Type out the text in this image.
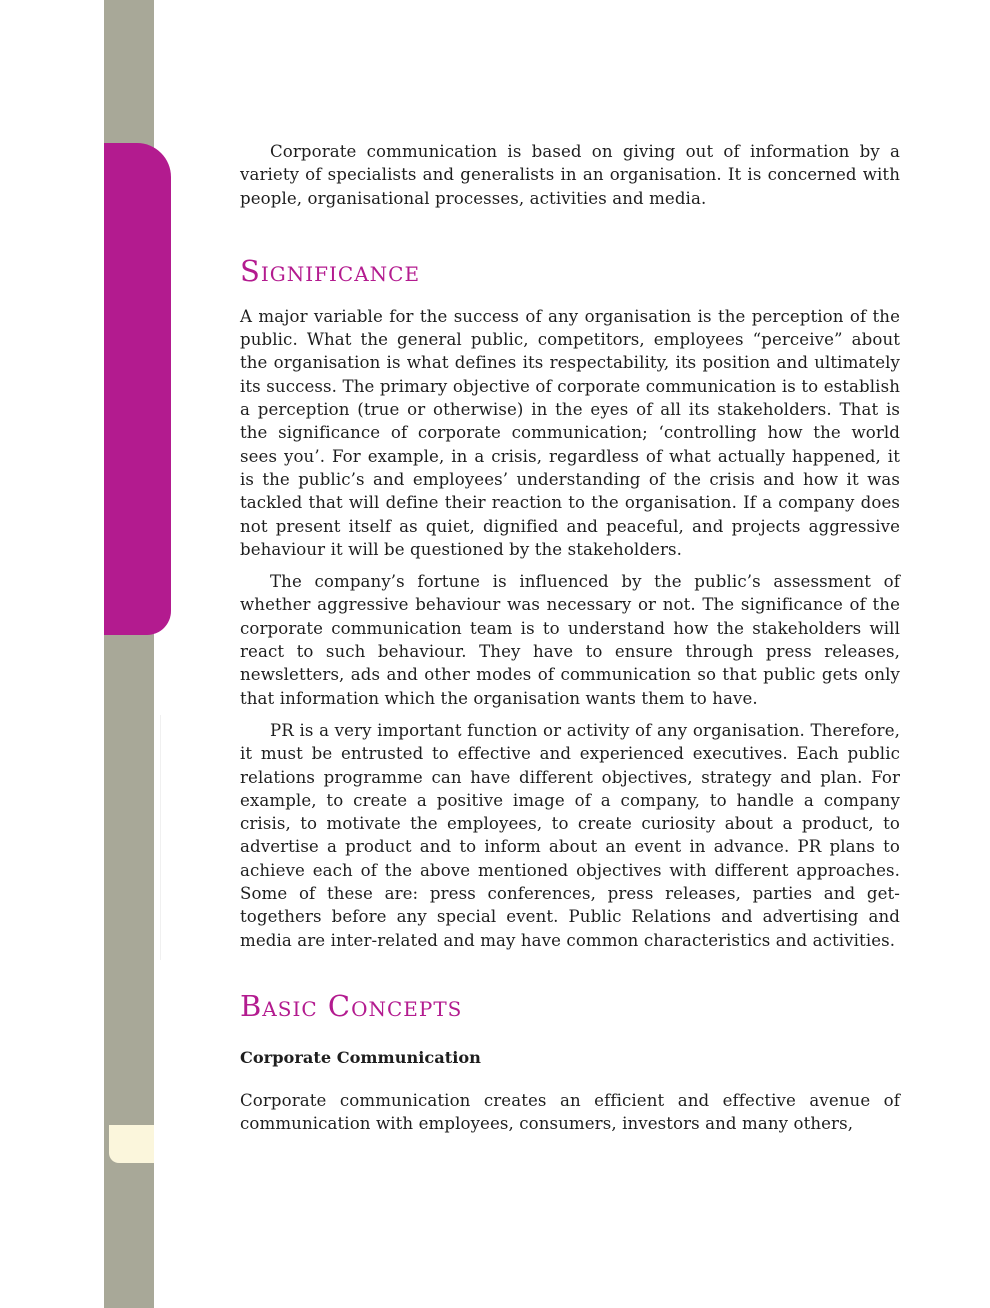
Corporate communication is based on giving out of information by a variety of specialists and generalists in an organisation. It is concerned with people, organisational processes, activities and media.

Significance

A major variable for the success of any organisation is the perception of the public. What the general public, competitors, employees “perceive” about the organisation is what defines its respectability, its position and ultimately its success. The primary objective of corporate communication is to establish a perception (true or otherwise) in the eyes of all its stakeholders. That is the significance of corporate communication; ‘controlling how the world sees you’. For example, in a crisis, regardless of what actually happened, it is the public’s and employees’ understanding of the crisis and how it was tackled that will define their reaction to the organisation. If a company does not present itself as quiet, dignified and peaceful, and projects aggressive behaviour it will be questioned by the stakeholders.

The company’s fortune is influenced by the public’s assessment of whether aggressive behaviour was necessary or not. The significance of the corporate communication team is to understand how the stakeholders will react to such behaviour. They have to ensure through press releases, newsletters, ads and other modes of communication so that public gets only that information which the organisation wants them to have.

PR is a very important function or activity of any organisation. Therefore, it must be entrusted to effective and experienced executives. Each public relations programme can have different objectives, strategy and plan. For example, to create a positive image of a company, to handle a company crisis, to motivate the employees, to create curiosity about a product, to advertise a product and to inform about an event in advance. PR plans to achieve each of the above mentioned objectives with different approaches. Some of these are: press conferences, press releases, parties and get-togethers before any special event. Public Relations and advertising and media are inter-related and may have common characteristics and activities.

Basic Concepts
Corporate Communication

Corporate communication creates an efficient and effective avenue of communication with employees, consumers, investors and many others,
